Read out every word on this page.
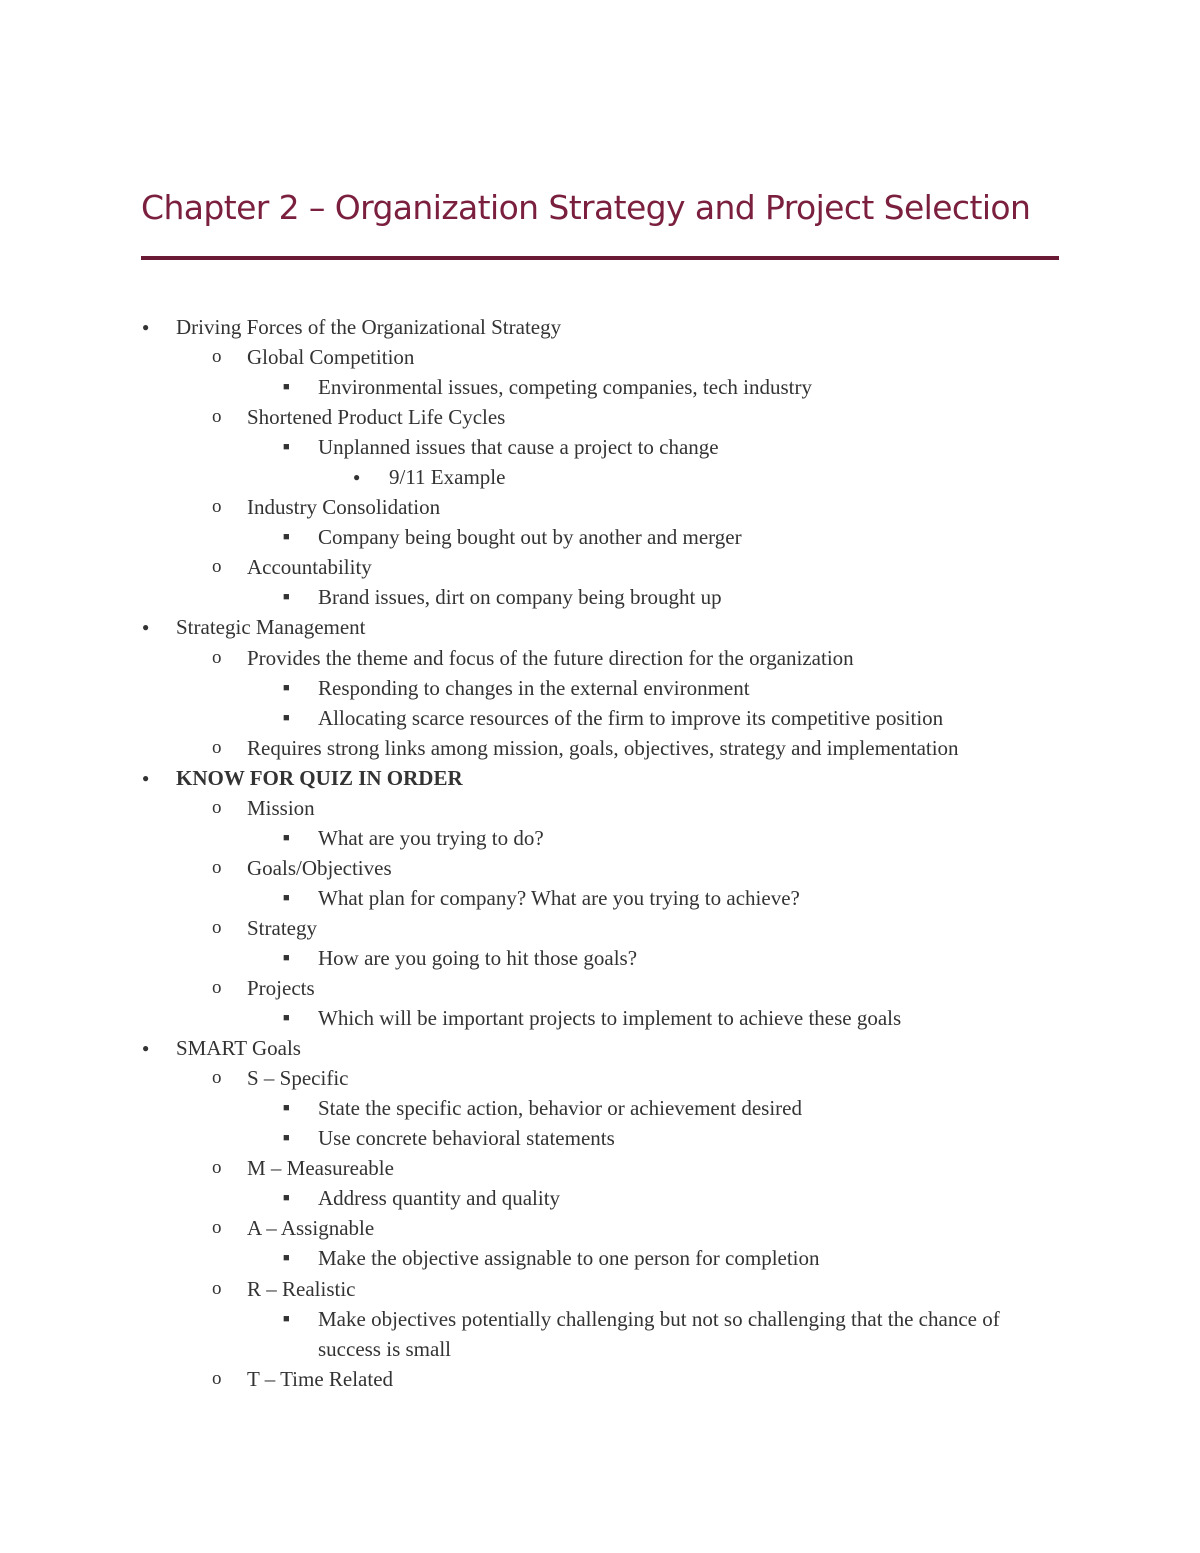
Chapter 2 – Organization Strategy and Project Selection
● Driving Forces of the Organizational Strategy
o Global Competition
■ Environmental issues, competing companies, tech industry
o Shortened Product Life Cycles
■ Unplanned issues that cause a project to change
● 9/11 Example
o Industry Consolidation
■ Company being bought out by another and merger
o Accountability
■ Brand issues, dirt on company being brought up
● Strategic Management
o Provides the theme and focus of the future direction for the organization
■ Responding to changes in the external environment
■ Allocating scarce resources of the firm to improve its competitive position
o Requires strong links among mission, goals, objectives, strategy and implementation
● KNOW FOR QUIZ IN ORDER
o Mission
■ What are you trying to do?
o Goals/Objectives
■ What plan for company? What are you trying to achieve?
o Strategy
■ How are you going to hit those goals?
o Projects
■ Which will be important projects to implement to achieve these goals
● SMART Goals
o S – Specific
■ State the specific action, behavior or achievement desired
■ Use concrete behavioral statements
o M – Measureable
■ Address quantity and quality
o A – Assignable
■ Make the objective assignable to one person for completion
o R – Realistic
■ Make objectives potentially challenging but not so challenging that the chance of success is small
o T – Time Related
